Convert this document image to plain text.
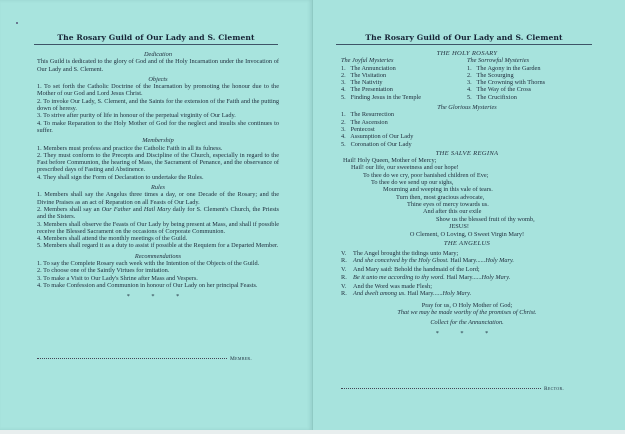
The Rosary Guild of Our Lady and S. Clement
Dedication

This Guild is dedicated to the glory of God and of the Holy Incarnation under the Invocation of Our Lady and S. Clement.

Objects

1. To set forth the Catholic Doctrine of the Incarnation by promoting the honour due to the Mother of our God and Lord Jesus Christ.

2. To invoke Our Lady, S. Clement, and the Saints for the extension of the Faith and the putting down of heresy.

3. To strive after purity of life in honour of the perpetual virginity of Our Lady.

4. To make Reparation to the Holy Mother of God for the neglect and insults she continues to suffer.

Membership

1. Members must profess and practice the Catholic Faith in all its fulness.

2. They must conform to the Precepts and Discipline of the Church, especially in regard to the Fast before Communion, the hearing of Mass, the Sacrament of Penance, and the observance of prescribed days of Fasting and Abstinence.

4. They shall sign the Form of Declaration to undertake the Rules.

Rules

1. Members shall say the Angelus three times a day, or one Decade of the Rosary; and the Divine Praises as an act of Reparation on all Feasts of Our Lady.

2. Members shall say an Our Father and Hail Mary daily for S. Clement's Church, the Priests and the Sisters.

3. Members shall observe the Feasts of Our Lady by being present at Mass, and shall if possible receive the Blessed Sacrament on the occasions of Corporate Communion.

4. Members shall attend the monthly meetings of the Guild.

5. Members shall regard it as a duty to assist if possible at the Requiem for a Departed Member.

Recommendations

1. To say the Complete Rosary each week with the Intention of the Objects of the Guild.

2. To choose one of the Saintly Virtues for imitation.

3. To make a Visit to Our Lady's Shrine after Mass and Vespers.

4. To make Confession and Communion in honour of Our Lady on her principal Feasts.

* * *
Member.
The Rosary Guild of Our Lady and S. Clement
THE HOLY ROSARY
The Joyful Mysteries
1. The Annunciation
2. The Visitation
3. The Nativity
4. The Presentation
5. Finding Jesus in the Temple
The Sorrowful Mysteries
1. The Agony in the Garden
2. The Scourging
3. The Crowning with Thorns
4. The Way of the Cross
5. The Crucifixion
The Glorious Mysteries
1. The Resurrection
2. The Ascension
3. Pentecost
4. Assumption of Our Lady
5. Coronation of Our Lady
THE SALVE REGINA
Hail! Holy Queen, Mother of Mercy;
Hail! our life, our sweetness and our hope!
To thee do we cry, poor banished children of Eve;
To thee do we send up our sighs,
Mourning and weeping in this vale of tears.
Turn then, most gracious advocate,
Thine eyes of mercy towards us.
And after this our exile
Show us the blessed fruit of thy womb,
JESUS!
O Clement, O Loving, O Sweet Virgin Mary!
THE ANGELUS
V. The Angel brought the tidings unto Mary;
R. And she conceived by the Holy Ghost. Hail Mary......Holy Mary.
V. And Mary said: Behold the handmaid of the Lord;
R. Be it unto me according to thy word. Hail Mary......Holy Mary.
V. And the Word was made Flesh;
R. And dwelt among us. Hail Mary......Holy Mary.
Pray for us, O Holy Mother of God;
That we may be made worthy of the promises of Christ.
Collect for the Annunciation.
* * *
Rector.
